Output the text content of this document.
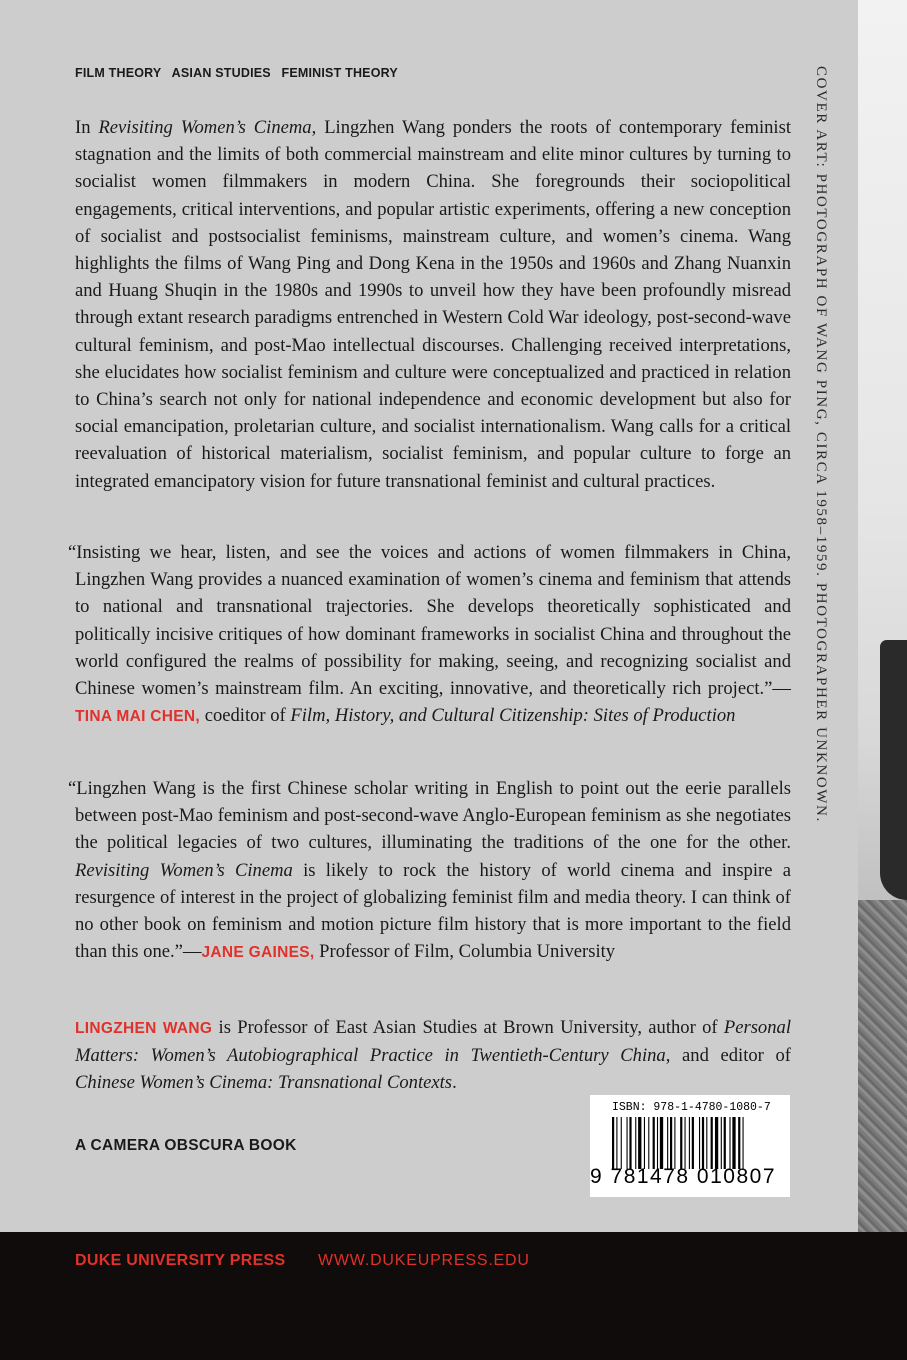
COVER ART: PHOTOGRAPH OF WANG PING, CIRCA 1958–1959. PHOTOGRAPHER UNKNOWN.
FILM THEORY ASIAN STUDIES FEMINIST THEORY

In Revisiting Women’s Cinema, Lingzhen Wang ponders the roots of contemporary feminist stagnation and the limits of both commercial mainstream and elite minor cultures by turning to socialist women filmmakers in modern China. She foregrounds their sociopolitical engagements, critical interventions, and popular artistic experiments, offering a new conception of socialist and postsocialist feminisms, mainstream culture, and women’s cinema. Wang highlights the films of Wang Ping and Dong Kena in the 1950s and 1960s and Zhang Nuanxin and Huang Shuqin in the 1980s and 1990s to unveil how they have been profoundly misread through extant research paradigms entrenched in Western Cold War ideology, post-second-wave cultural feminism, and post-Mao intellectual discourses. Challenging received interpretations, she elucidates how socialist feminism and culture were conceptualized and practiced in relation to China’s search not only for national independence and economic development but also for social emancipation, proletarian culture, and socialist internationalism. Wang calls for a critical reevaluation of historical materialism, socialist feminism, and popular culture to forge an integrated emancipatory vision for future transnational feminist and cultural practices.

“Insisting we hear, listen, and see the voices and actions of women filmmakers in China, Lingzhen Wang provides a nuanced examination of women’s cinema and feminism that attends to national and transnational trajectories. She develops theoretically sophisticated and politically incisive critiques of how dominant frameworks in socialist China and throughout the world configured the realms of possibility for making, seeing, and recognizing socialist and Chinese women’s mainstream film. An exciting, innovative, and theoretically rich project.”—TINA MAI CHEN, coeditor of Film, History, and Cultural Citizenship: Sites of Production

“Lingzhen Wang is the first Chinese scholar writing in English to point out the eerie parallels between post-Mao feminism and post-second-wave Anglo-European feminism as she negotiates the political legacies of two cultures, illuminating the traditions of the one for the other. Revisiting Women’s Cinema is likely to rock the history of world cinema and inspire a resurgence of interest in the project of globalizing feminist film and media theory. I can think of no other book on feminism and motion picture film history that is more important to the field than this one.”—JANE GAINES, Professor of Film, Columbia University

LINGZHEN WANG is Professor of East Asian Studies at Brown University, author of Personal Matters: Women’s Autobiographical Practice in Twentieth-Century China, and editor of Chinese Women’s Cinema: Transnational Contexts.

A CAMERA OBSCURA BOOK
ISBN: 978-1-4780-1080-7
9 781478 010807
DUKE UNIVERSITY PRESS WWW.DUKEUPRESS.EDU
